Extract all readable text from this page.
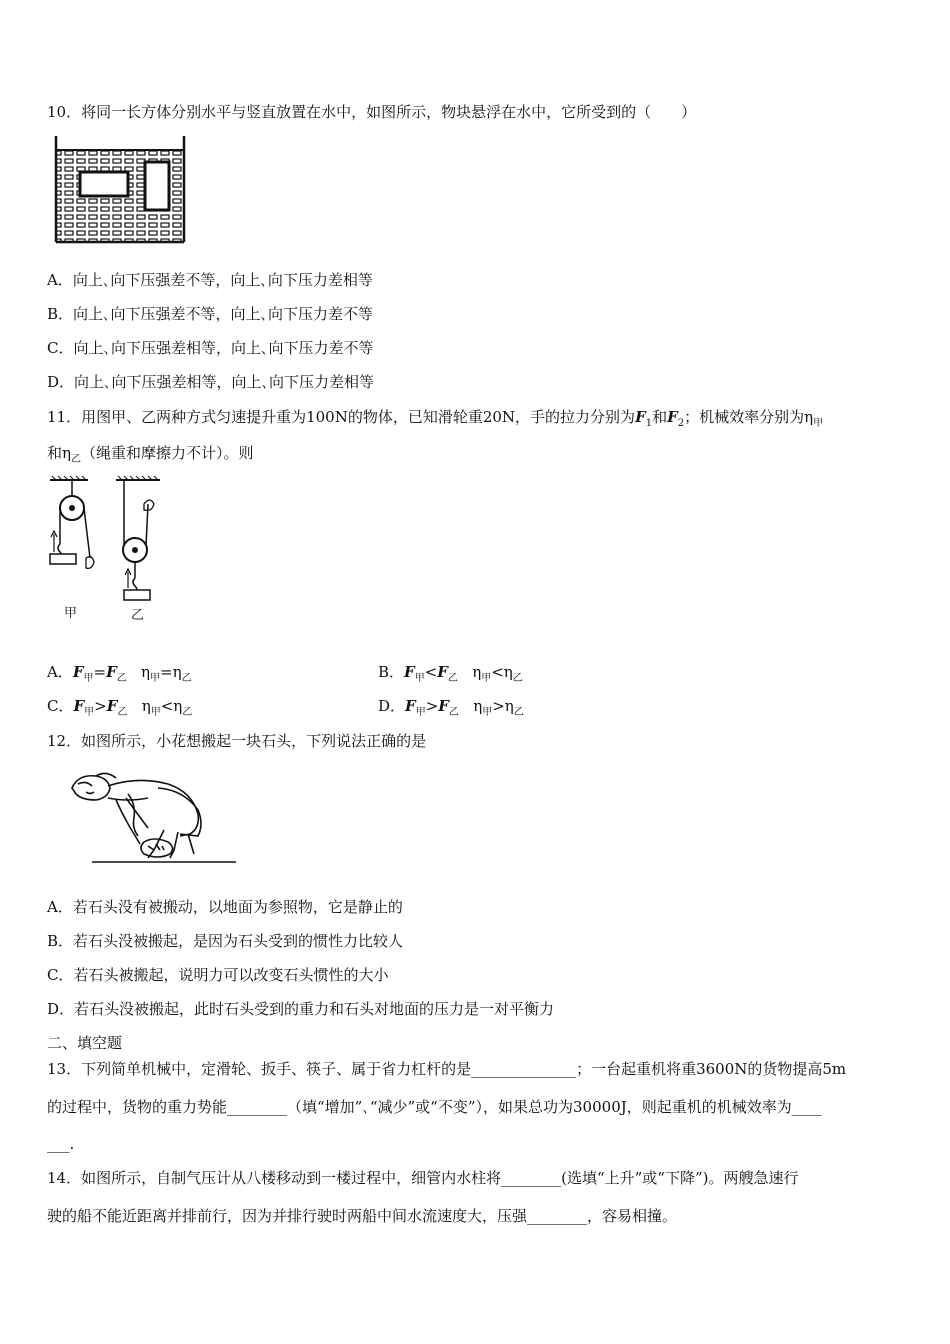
10．将同一长方体分别水平与竖直放置在水中，如图所示，物块悬浮在水中，它所受到的（　　）
A．向上､向下压强差不等，向上､向下压力差相等
B．向上､向下压强差不等，向上､向下压力差不等
C．向上､向下压强差相等，向上､向下压力差不等
D．向上､向下压强差相等，向上､向下压力差相等
11．用图甲、乙两种方式匀速提升重为100N的物体，已知滑轮重20N，手的拉力分别为$F_1$和$F_2$；机械效率分别为$\eta_甲$
和$\eta_乙$（绳重和摩擦力不计）。则
甲	乙
A．$F_甲=F_乙$ $\eta_甲=\eta_乙$	B．$F_甲<F_乙$ $\eta_甲<\eta_乙$
C．$F_甲>F_乙$ $\eta_甲<\eta_乙$	D．$F_甲>F_乙$ $\eta_甲>\eta_乙$
12．如图所示，小花想搬起一块石头，下列说法正确的是
A．若石头没有被搬动，以地面为参照物，它是静止的
B．若石头没被搬起，是因为石头受到的惯性力比较人
C．若石头被搬起，说明力可以改变石头惯性的大小
D．若石头没被搬起，此时石头受到的重力和石头对地面的压力是一对平衡力
二、填空题
13．下列简单机械中，定滑轮、扳手、筷子、属于省力杠杆的是______________；一台起重机将重3600N的货物提高5m
的过程中，货物的重力势能________（填“增加”､“减少”或“不变”），如果总功为30000J，则起重机的机械效率为____
___.
14．如图所示，自制气压计从八楼移动到一楼过程中，细管内水柱将________(选填“上升”或“下降”)。两艘急速行
驶的船不能近距离并排前行，因为并排行驶时两船中间水流速度大，压强________，容易相撞。
